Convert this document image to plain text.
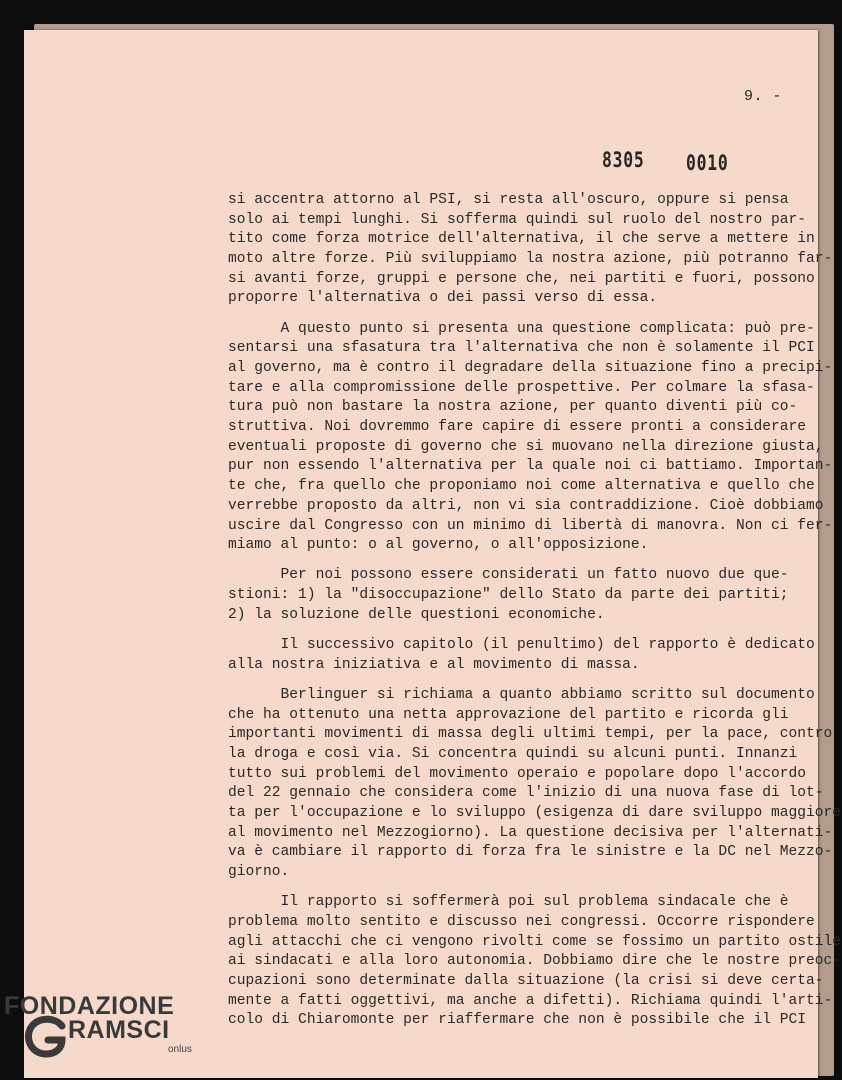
9. -
8305 0010
si accentra attorno al PSI, si resta all'oscuro, oppure si pensa
solo ai tempi lunghi. Si sofferma quindi sul ruolo del nostro par-
tito come forza motrice dell'alternativa, il che serve a mettere in
moto altre forze. Più sviluppiamo la nostra azione, più potranno far-
si avanti forze, gruppi e persone che, nei partiti e fuori, possono
proporre l'alternativa o dei passi verso di essa.
A questo punto si presenta una questione complicata: può pre-
sentarsi una sfasatura tra l'alternativa che non è solamente il PCI
al governo, ma è contro il degradare della situazione fino a precipi-
tare e alla compromissione delle prospettive. Per colmare la sfasa-
tura può non bastare la nostra azione, per quanto diventi più co-
struttiva. Noi dovremmo fare capire di essere pronti a considerare
eventuali proposte di governo che si muovano nella direzione giusta,
pur non essendo l'alternativa per la quale noi ci battiamo. Importan-
te che, fra quello che proponiamo noi come alternativa e quello che
verrebbe proposto da altri, non vi sia contraddizione. Cioè dobbiamo
uscire dal Congresso con un minimo di libertà di manovra. Non ci fer-
miamo al punto: o al governo, o all'opposizione.
Per noi possono essere considerati un fatto nuovo due que-
stioni: 1) la "disoccupazione" dello Stato da parte dei partiti;
2) la soluzione delle questioni economiche.
Il successivo capitolo (il penultimo) del rapporto è dedicato
alla nostra iniziativa e al movimento di massa.
Berlinguer si richiama a quanto abbiamo scritto sul documento
che ha ottenuto una netta approvazione del partito e ricorda gli
importanti movimenti di massa degli ultimi tempi, per la pace, contro
la droga e così via. Si concentra quindi su alcuni punti. Innanzi
tutto sui problemi del movimento operaio e popolare dopo l'accordo
del 22 gennaio che considera come l'inizio di una nuova fase di lot-
ta per l'occupazione e lo sviluppo (esigenza di dare sviluppo maggiore
al movimento nel Mezzogiorno). La questione decisiva per l'alternati-
va è cambiare il rapporto di forza fra le sinistre e la DC nel Mezzo-
giorno.
Il rapporto si soffermerà poi sul problema sindacale che è
problema molto sentito e discusso nei congressi. Occorre rispondere
agli attacchi che ci vengono rivolti come se fossimo un partito ostile
ai sindacati e alla loro autonomia. Dobbiamo dire che le nostre preoc-
cupazioni sono determinate dalla situazione (la crisi si deve certa-
mente a fatti oggettivi, ma anche a difetti). Richiama quindi l'arti-
colo di Chiaromonte per riaffermare che non è possibile che il PCI
FONDAZIONE
RAMSCI
onlus
